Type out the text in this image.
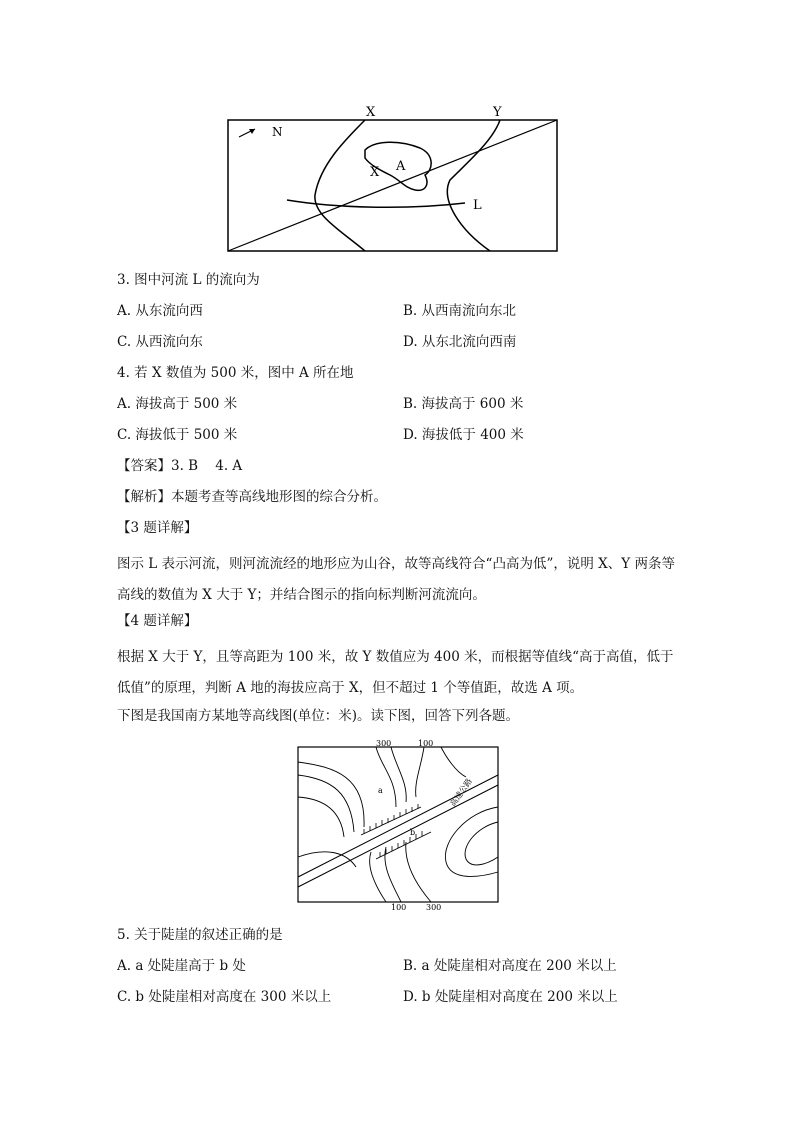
N
X	Y
X A
L
3. 图中河流 L 的流向为
A. 从东流向西	B. 从西南流向东北
C. 从西流向东	D. 从东北流向西南
4. 若 X 数值为 500 米，图中 A 所在地
A. 海拔高于 500 米	B. 海拔高于 600 米
C. 海拔低于 500 米	D. 海拔低于 400 米
【答案】3. B    4. A
【解析】本题考查等高线地形图的综合分析。
【3 题详解】
图示 L 表示河流，则河流流经的地形应为山谷，故等高线符合“凸高为低”，说明 X、Y 两条等高线的数值为 X 大于 Y；并结合图示的指向标判断河流流向。
【4 题详解】
根据 X 大于 Y，且等高距为 100 米，故 Y 数值应为 400 米，而根据等值线“高于高值，低于低值”的原理，判断 A 地的海拔应高于 X，但不超过 1 个等值距，故选 A 项。
下图是我国南方某地等高线图(单位：米)。读下图，回答下列各题。
300	100
100 300
高速公路
a
b
5. 关于陡崖的叙述正确的是
A. a 处陡崖高于 b 处	B. a 处陡崖相对高度在 200 米以上
C. b 处陡崖相对高度在 300 米以上	D. b 处陡崖相对高度在 200 米以上
